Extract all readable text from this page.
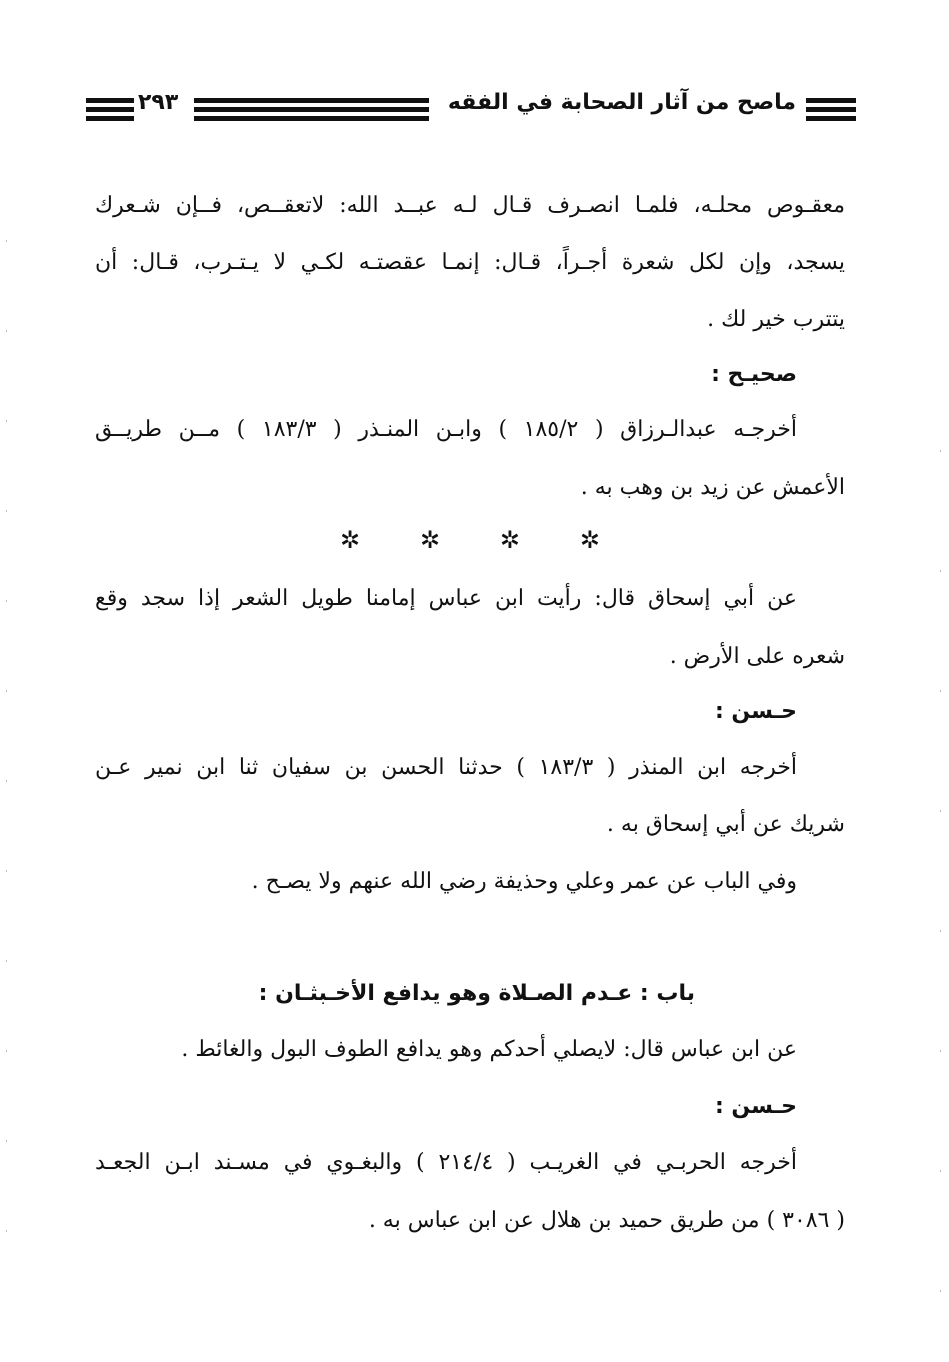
ماصح من آثار الصحابة في الفقه
٢٩٣
معقـوص محلـه، فلمـا انصـرف قـال لـه عبــد الله: لاتعقــص، فــإن شـعرك
يسجد، وإن لكل شعرة أجـراً، قـال: إنمـا عقصتـه لكـي لا يـتـرب، قـال: أن
يتترب خير لك .
صحيـح :
أخرجـه عبدالـرزاق ( ١٨٥/٢ ) وابـن المنـذر ( ١٨٣/٣ ) مــن طريــق
الأعمش عن زيد بن وهب به .
✲ ✲ ✲ ✲
عن أبي إسحاق قال: رأيت ابن عباس إمامنا طويل الشعر إذا سجد وقع
شعره على الأرض .
حـسن :
أخرجه ابن المنذر ( ١٨٣/٣ ) حدثنا الحسن بن سفيان ثنا ابن نمير عـن
شريك عن أبي إسحاق به .
وفي الباب عن عمر وعلي وحذيفة رضي الله عنهم ولا يصـح .
باب : عـدم الصـلاة وهو يدافع الأخـبثـان :
عن ابن عباس قال: لايصلي أحدكم وهو يدافع الطوف البول والغائط .
حـسن :
أخرجه الحربـي في الغريـب ( ٢١٤/٤ ) والبغـوي في مسـند ابـن الجعـد
( ٣٠٨٦ ) من طريق حميد بن هلال عن ابن عباس به .
